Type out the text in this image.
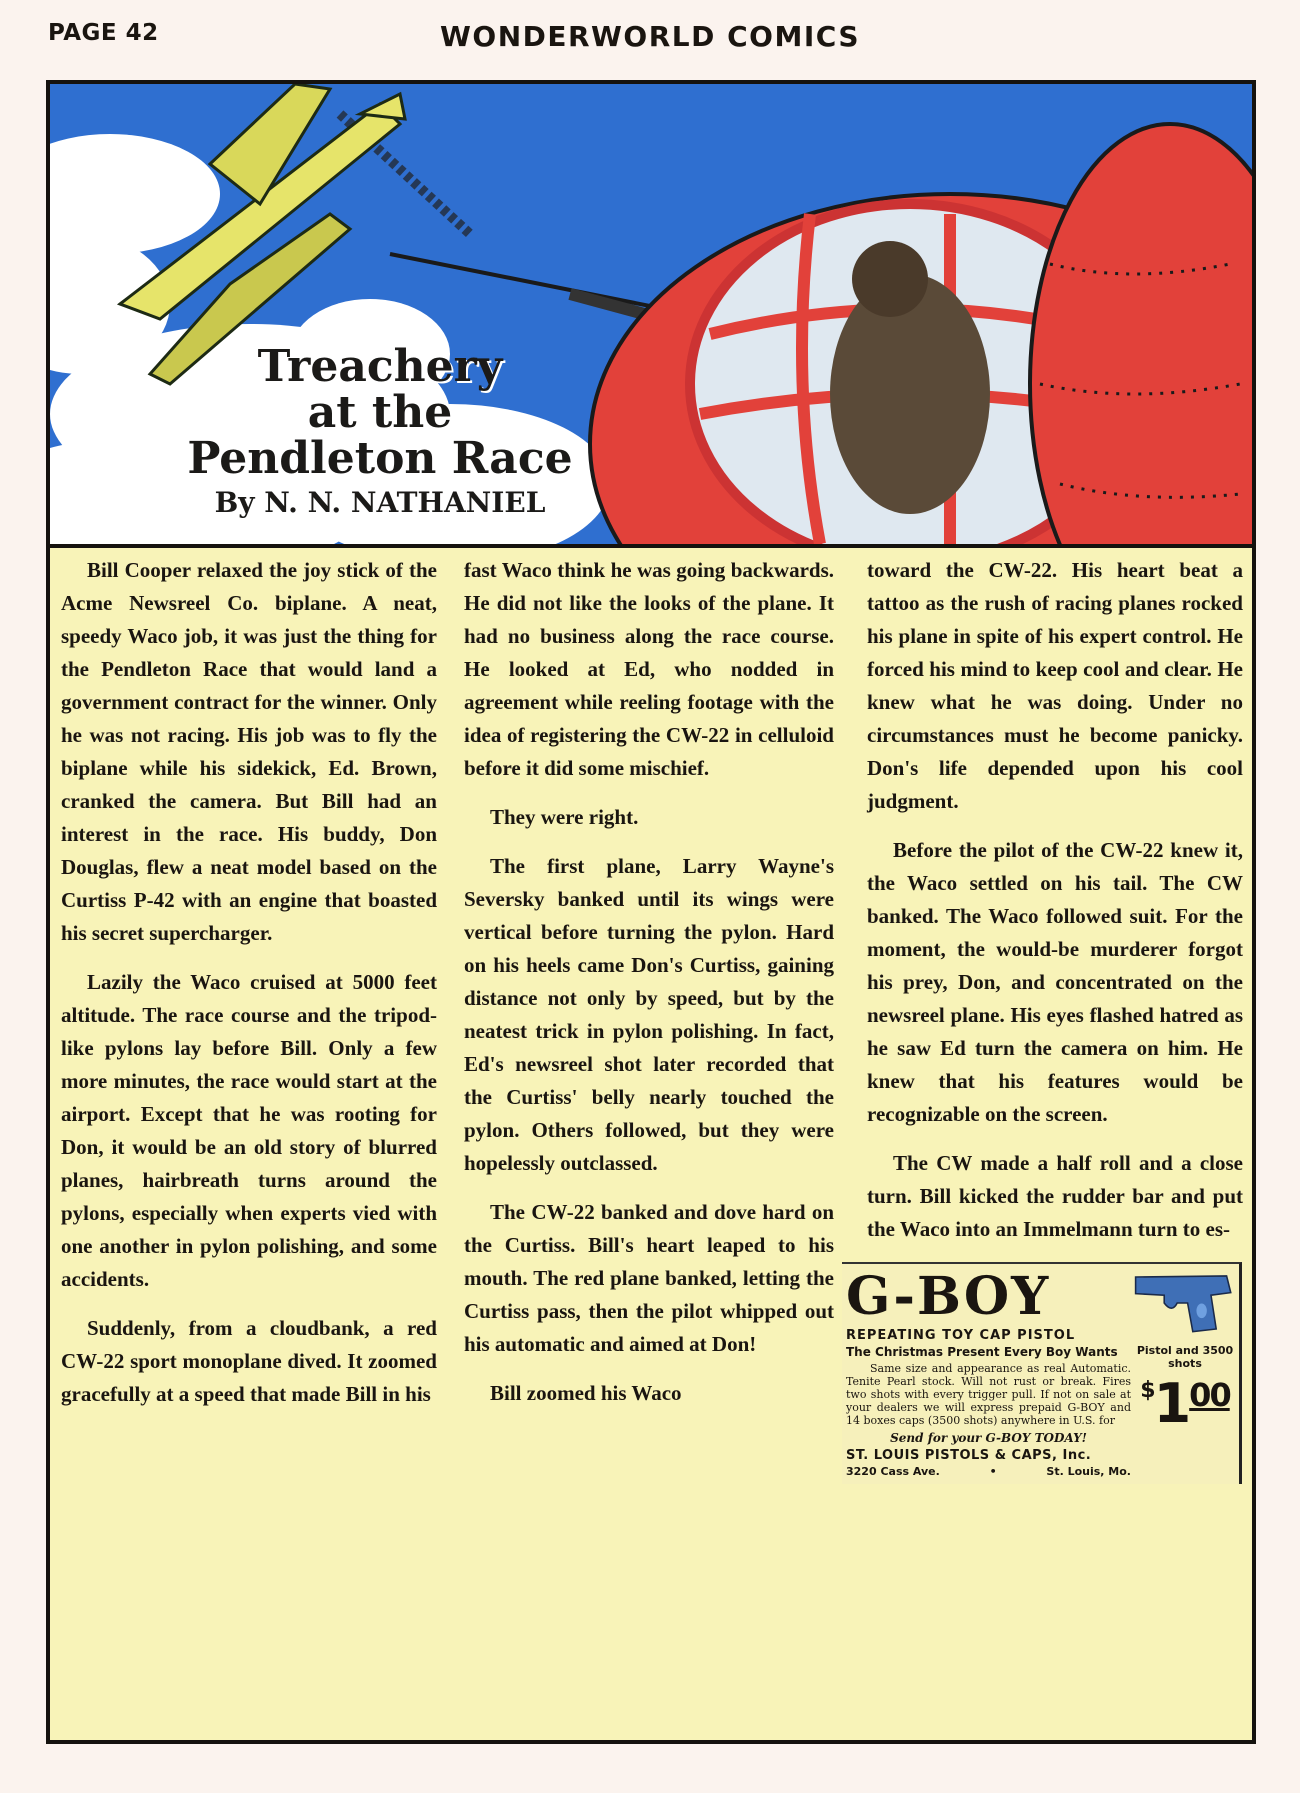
PAGE 42	WONDERWORLD COMICS
Treachery
at the
Pendleton Race
By N. N. NATHANIEL

Bill Cooper relaxed the joy stick of the Acme Newsreel Co. biplane. A neat, speedy Waco job, it was just the thing for the Pendleton Race that would land a government contract for the winner. Only he was not racing. His job was to fly the biplane while his sidekick, Ed. Brown, cranked the camera. But Bill had an interest in the race. His buddy, Don Douglas, flew a neat model based on the Curtiss P-42 with an engine that boasted his secret supercharger.

Lazily the Waco cruised at 5000 feet altitude. The race course and the tripod-like pylons lay before Bill. Only a few more minutes, the race would start at the airport. Except that he was rooting for Don, it would be an old story of blurred planes, hairbreath turns around the pylons, especially when experts vied with one another in pylon polishing, and some accidents.

Suddenly, from a cloudbank, a red CW-22 sport monoplane dived. It zoomed gracefully at a speed that made Bill in his

fast Waco think he was going backwards. He did not like the looks of the plane. It had no business along the race course. He looked at Ed, who nodded in agreement while reeling footage with the idea of registering the CW-22 in celluloid before it did some mischief.

They were right.

The first plane, Larry Wayne's Seversky banked until its wings were vertical before turning the pylon. Hard on his heels came Don's Curtiss, gaining distance not only by speed, but by the neatest trick in pylon polishing. In fact, Ed's newsreel shot later recorded that the Curtiss' belly nearly touched the pylon. Others followed, but they were hopelessly outclassed.

The CW-22 banked and dove hard on the Curtiss. Bill's heart leaped to his mouth. The red plane banked, letting the Curtiss pass, then the pilot whipped out his automatic and aimed at Don!

Bill zoomed his Waco

toward the CW-22. His heart beat a tattoo as the rush of racing planes rocked his plane in spite of his expert control. He forced his mind to keep cool and clear. He knew what he was doing. Under no circumstances must he become panicky. Don's life depended upon his cool judgment.

Before the pilot of the CW-22 knew it, the Waco settled on his tail. The CW banked. The Waco followed suit. For the moment, the would-be murderer forgot his prey, Don, and concentrated on the newsreel plane. His eyes flashed hatred as he saw Ed turn the camera on him. He knew that his features would be recognizable on the screen.

The CW made a half roll and a close turn. Bill kicked the rudder bar and put the Waco into an Immelmann turn to es-

G-BOY
REPEATING TOY CAP PISTOL
The Christmas Present Every Boy Wants
Same size and appearance as real Automatic. Tenite Pearl stock. Will not rust or break. Fires two shots with every trigger pull. If not on sale at your dealers we will express prepaid G-BOY and 14 boxes caps (3500 shots) anywhere in U.S. for
Send for your G-BOY TODAY!
ST. LOUIS PISTOLS & CAPS, Inc.
3220 Cass Ave.	•	St. Louis, Mo.
Pistol and 3500 shots
$^{\$}1^{00}$
